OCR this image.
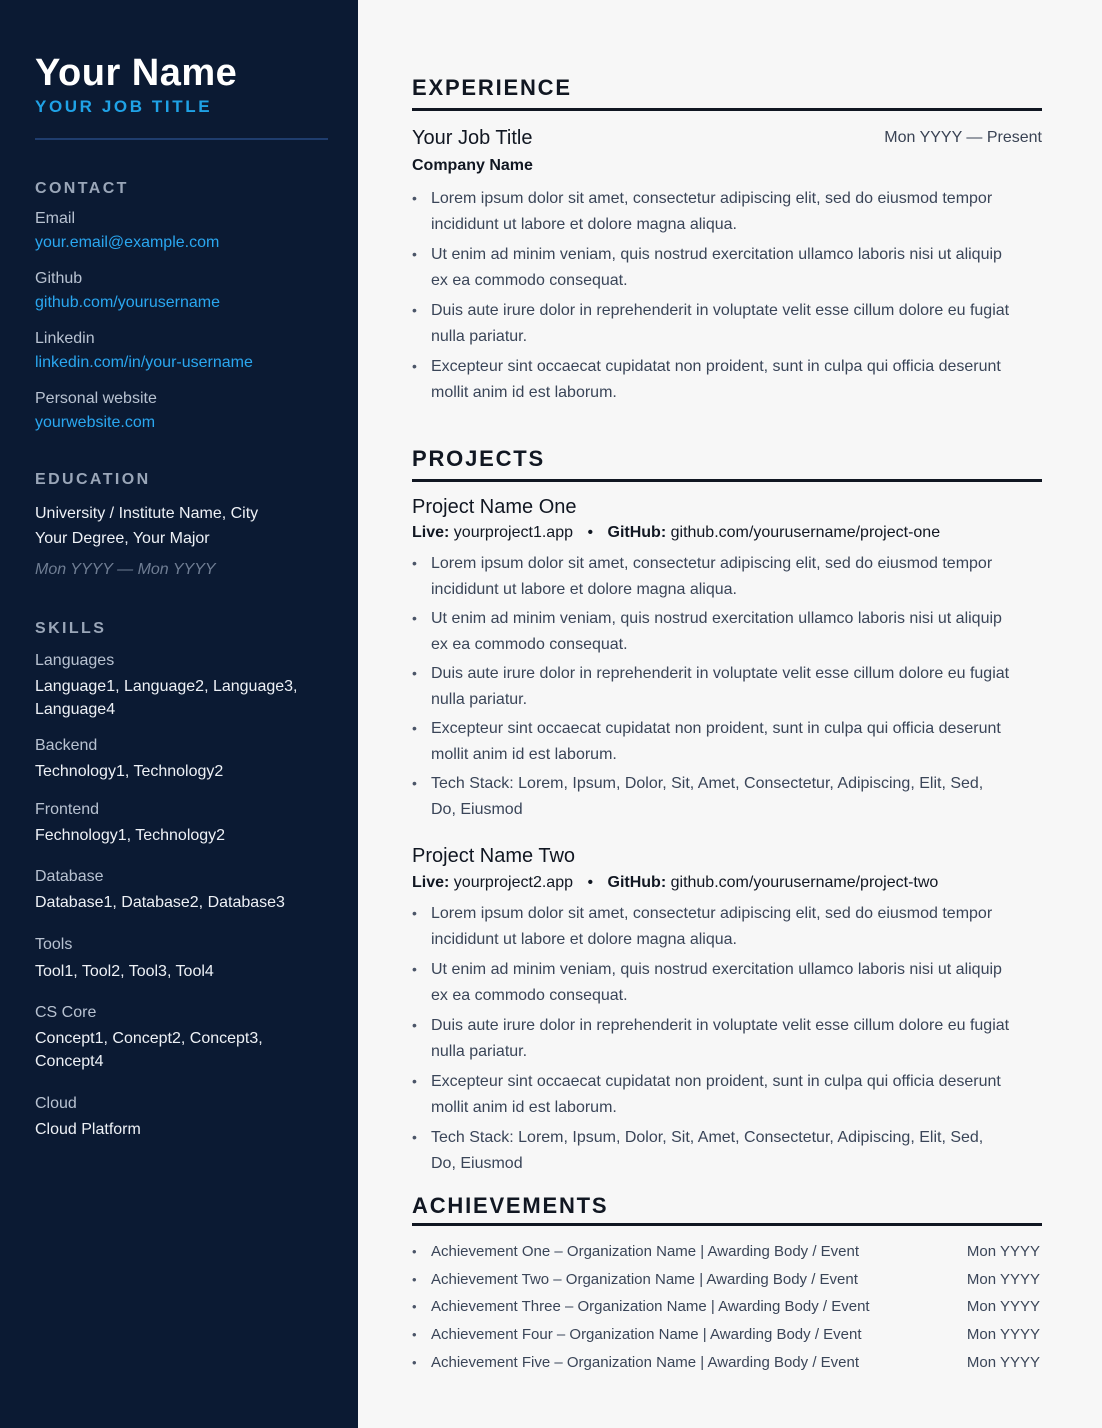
Your Name
YOUR JOB TITLE
CONTACT
Email
your.email@example.com
Github
github.com/yourusername
Linkedin
linkedin.com/in/your-username
Personal website
yourwebsite.com
EDUCATION
University / Institute Name, City
Your Degree, Your Major
Mon YYYY — Mon YYYY
SKILLS
Languages
Language1, Language2, Language3, Language4
Backend
Technology1, Technology2
Frontend
Fechnology1, Technology2
Database
Database1, Database2, Database3
Tools
Tool1, Tool2, Tool3, Tool4
CS Core
Concept1, Concept2, Concept3, Concept4
Cloud
Cloud Platform
EXPERIENCE
Your Job Title	Mon YYYY — Present
Company Name
• Lorem ipsum dolor sit amet, consectetur adipiscing elit, sed do eiusmod tempor incididunt ut labore et dolore magna aliqua.
• Ut enim ad minim veniam, quis nostrud exercitation ullamco laboris nisi ut aliquip ex ea commodo consequat.
• Duis aute irure dolor in reprehenderit in voluptate velit esse cillum dolore eu fugiat nulla pariatur.
• Excepteur sint occaecat cupidatat non proident, sunt in culpa qui officia deserunt mollit anim id est laborum.
PROJECTS
Project Name One
Live: yourproject1.app • GitHub: github.com/yourusername/project-one
• Lorem ipsum dolor sit amet, consectetur adipiscing elit, sed do eiusmod tempor incididunt ut labore et dolore magna aliqua.
• Ut enim ad minim veniam, quis nostrud exercitation ullamco laboris nisi ut aliquip ex ea commodo consequat.
• Duis aute irure dolor in reprehenderit in voluptate velit esse cillum dolore eu fugiat nulla pariatur.
• Excepteur sint occaecat cupidatat non proident, sunt in culpa qui officia deserunt mollit anim id est laborum.
• Tech Stack: Lorem, Ipsum, Dolor, Sit, Amet, Consectetur, Adipiscing, Elit, Sed, Do, Eiusmod
Project Name Two
Live: yourproject2.app • GitHub: github.com/yourusername/project-two
• Lorem ipsum dolor sit amet, consectetur adipiscing elit, sed do eiusmod tempor incididunt ut labore et dolore magna aliqua.
• Ut enim ad minim veniam, quis nostrud exercitation ullamco laboris nisi ut aliquip ex ea commodo consequat.
• Duis aute irure dolor in reprehenderit in voluptate velit esse cillum dolore eu fugiat nulla pariatur.
• Excepteur sint occaecat cupidatat non proident, sunt in culpa qui officia deserunt mollit anim id est laborum.
• Tech Stack: Lorem, Ipsum, Dolor, Sit, Amet, Consectetur, Adipiscing, Elit, Sed, Do, Eiusmod
ACHIEVEMENTS
• Achievement One – Organization Name | Awarding Body / Event	Mon YYYY
• Achievement Two – Organization Name | Awarding Body / Event	Mon YYYY
• Achievement Three – Organization Name | Awarding Body / Event	Mon YYYY
• Achievement Four – Organization Name | Awarding Body / Event	Mon YYYY
• Achievement Five – Organization Name | Awarding Body / Event	Mon YYYY
